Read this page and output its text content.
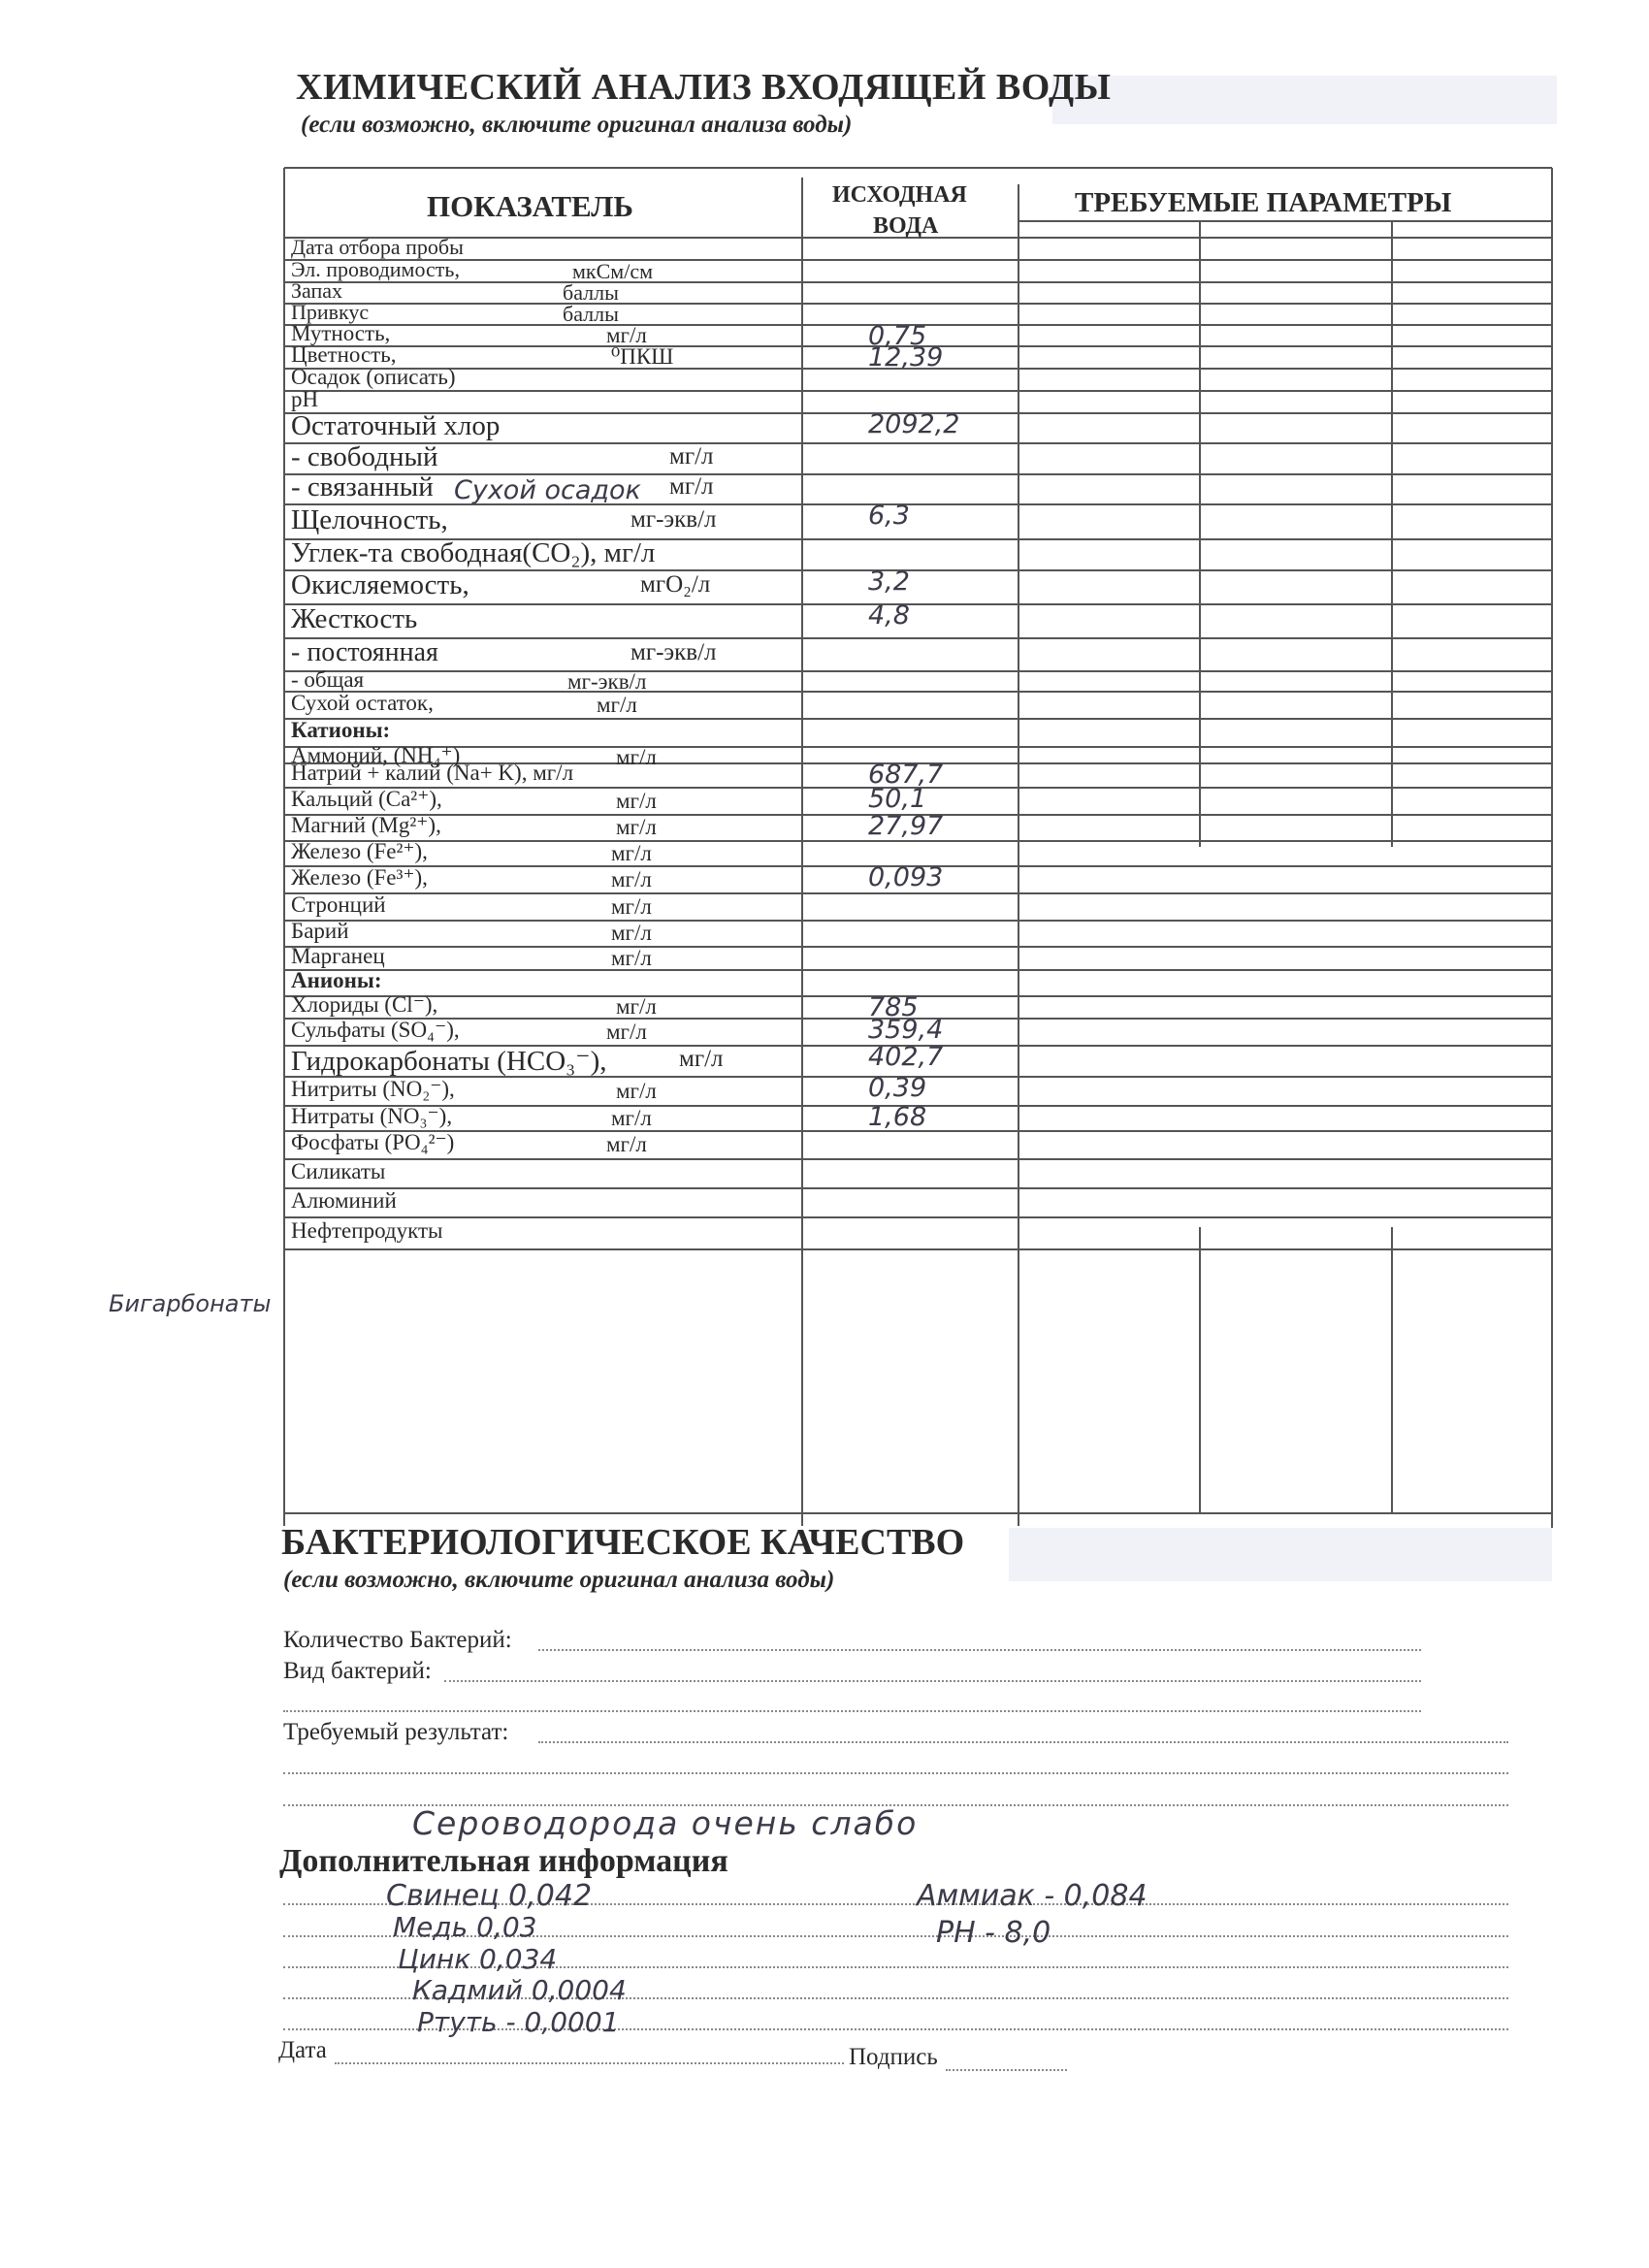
ХИМИЧЕСКИЙ АНАЛИЗ ВХОДЯЩЕЙ ВОДЫ

(если возможно, включите оригинал анализа воды)

ПОКАЗАТЕЛЬ	ИСХОДНАЯ
ВОДА
ТРЕБУЕМЫЕ ПАРАМЕТРЫ
Дата отбора пробы
Эл. проводимость,	мкСм/см
Запах	баллы
Привкус	баллы
Мутность,	мг/л	0,75
Цветность,	⁰ПКШ	12,39
Осадок (описать)
pH
Остаточный хлор	2092,2
- свободный	мг/л
- связанный	мг/л
Щелочность,	мг-экв/л	6,3
Углек-та свободная(CO₂), мг/л
Окисляемость,	мгO₂/л	3,2
Жесткость	4,8
- постоянная	мг-экв/л
- общая	мг-экв/л
Сухой остаток,	мг/л
Катионы:
Аммоний, (NH₄⁺)	мг/л
Натрий + калий (Na+ K), мг/л	687,7
Кальций (Ca²⁺),	мг/л	50,1
Магний (Mg²⁺),	мг/л	27,97
Железо (Fe²⁺),	мг/л
Железо (Fe³⁺),	мг/л	0,093
Стронций	мг/л
Барий	мг/л
Марганец	мг/л
Анионы:
Хлориды (Cl⁻),	мг/л	785
Сульфаты (SO₄⁻),	мг/л	359,4
Гидрокарбонаты (HCO₃⁻),	мг/л	402,7
Нитриты (NO₂⁻),	мг/л	0,39
Нитраты (NO₃⁻),	мг/л	1,68
Фосфаты (PO₄²⁻)	мг/л
Силикаты
Алюминий
Нефтепродукты
Бигарбонаты
Сухой осадок
БАКТЕРИОЛОГИЧЕСКОЕ КАЧЕСТВО

(если возможно, включите оригинал анализа воды)

Количество Бактерий:
Вид бактерий:
Требуемый результат:
Сероводорода очень слабо
Дополнительная информация
Свинец 0,042
Медь 0,03
Цинк 0,034
Кадмий 0,0004
Ртуть - 0,0001
Аммиак - 0,084
PH - 8,0
Дата	Подпись
